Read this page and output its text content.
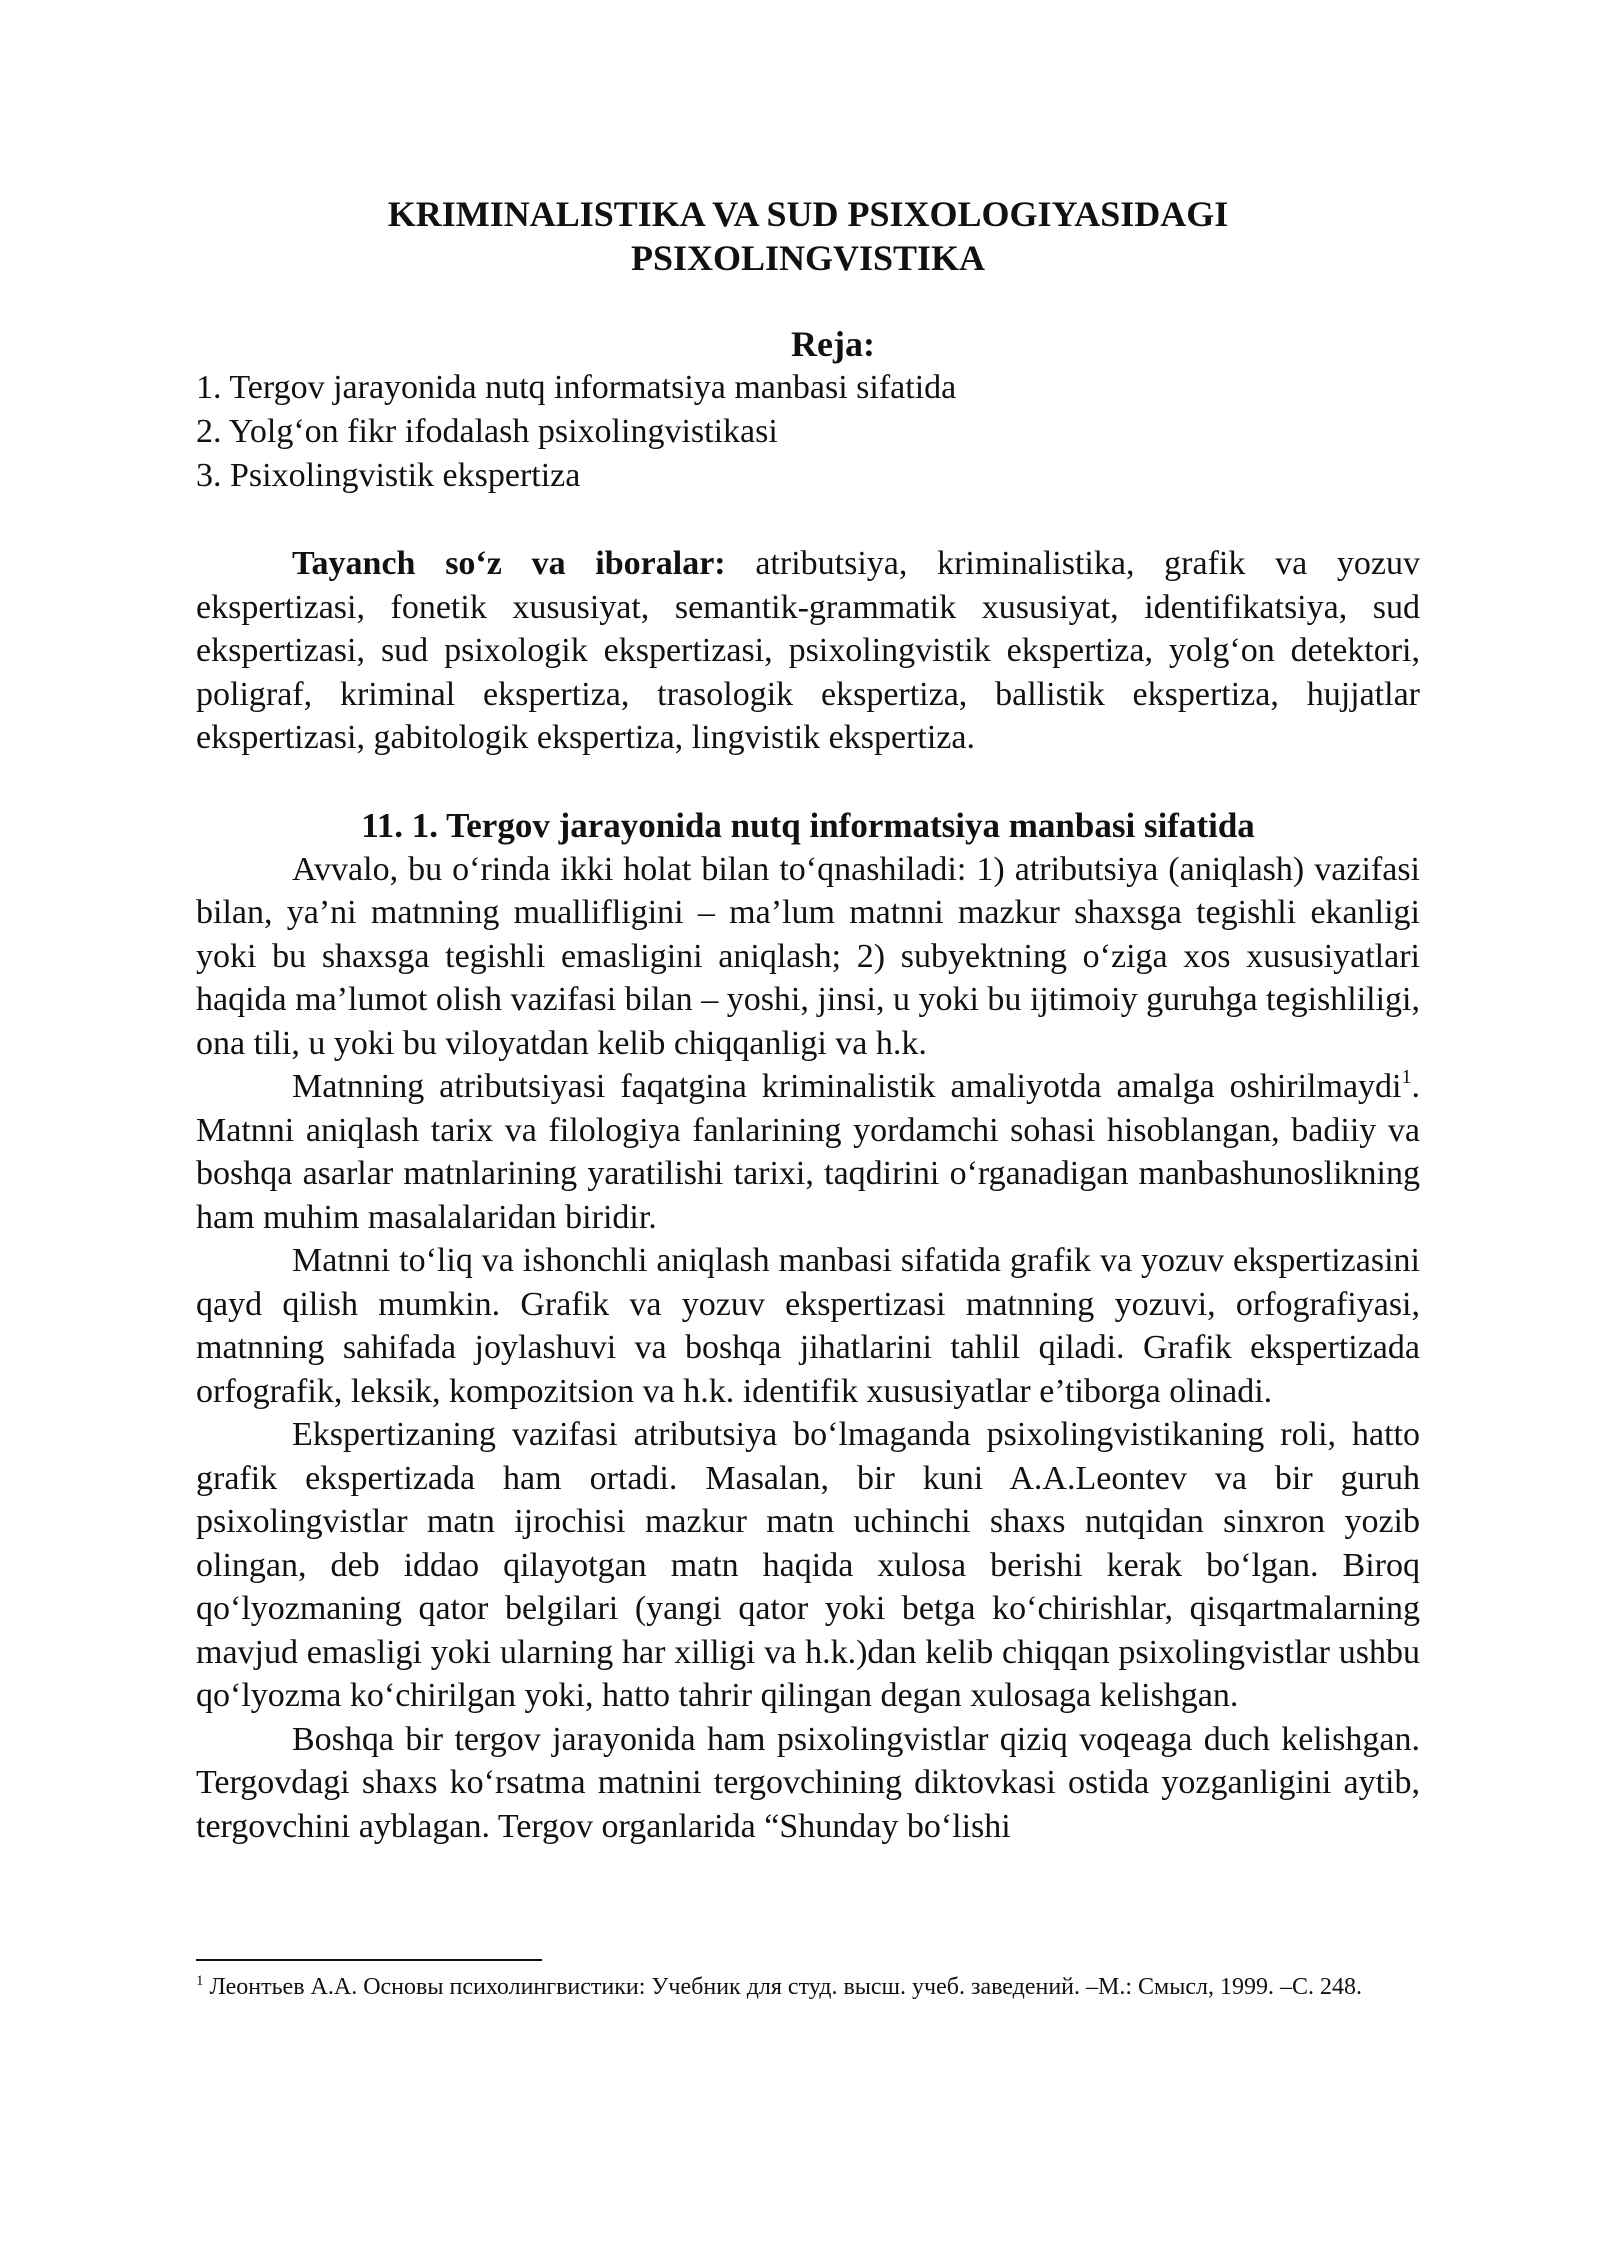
KRIMINALISTIKA VA SUD PSIXOLOGIYASIDAGI
PSIXOLINGVISTIKA
Reja:
1. Tergov jarayonida nutq informatsiya manbasi sifatida
2. Yolg‘on fikr ifodalash psixolingvistikasi
3. Psixolingvistik ekspertiza

Tayanch so‘z va iboralar: atributsiya, kriminalistika, grafik va yozuv ekspertizasi, fonetik xususiyat, semantik-grammatik xususiyat, identifikatsiya, sud ekspertizasi, sud psixologik ekspertizasi, psixolingvistik ekspertiza, yolg‘on detektori, poligraf, kriminal ekspertiza, trasologik ekspertiza, ballistik ekspertiza, hujjatlar ekspertizasi, gabitologik ekspertiza, lingvistik ekspertiza.

11. 1. Tergov jarayonida nutq informatsiya manbasi sifatida

Avvalo, bu o‘rinda ikki holat bilan to‘qnashiladi: 1) atributsiya (aniqlash) vazifasi bilan, ya’ni matnning muallifligini – ma’lum matnni mazkur shaxsga tegishli ekanligi yoki bu shaxsga tegishli emasligini aniqlash; 2) subyektning o‘ziga xos xususiyatlari haqida ma’lumot olish vazifasi bilan – yoshi, jinsi, u yoki bu ijtimoiy guruhga tegishliligi, ona tili, u yoki bu viloyatdan kelib chiqqanligi va h.k.

Matnning atributsiyasi faqatgina kriminalistik amaliyotda amalga oshirilmaydi$^1$. Matnni aniqlash tarix va filologiya fanlarining yordamchi sohasi hisoblangan, badiiy va boshqa asarlar matnlarining yaratilishi tarixi, taqdirini o‘rganadigan manbashunoslikning ham muhim masalalaridan biridir.

Matnni to‘liq va ishonchli aniqlash manbasi sifatida grafik va yozuv ekspertizasini qayd qilish mumkin. Grafik va yozuv ekspertizasi matnning yozuvi, orfografiyasi, matnning sahifada joylashuvi va boshqa jihatlarini tahlil qiladi. Grafik ekspertizada orfografik, leksik, kompozitsion va h.k. identifik xususiyatlar e’tiborga olinadi.

Ekspertizaning vazifasi atributsiya bo‘lmaganda psixolingvistikaning roli, hatto grafik ekspertizada ham ortadi. Masalan, bir kuni A.A.Leontev va bir guruh psixolingvistlar matn ijrochisi mazkur matn uchinchi shaxs nutqidan sinxron yozib olingan, deb iddao qilayotgan matn haqida xulosa berishi kerak bo‘lgan. Biroq qo‘lyozmaning qator belgilari (yangi qator yoki betga ko‘chirishlar, qisqartmalarning mavjud emasligi yoki ularning har xilligi va h.k.)dan kelib chiqqan psixolingvistlar ushbu qo‘lyozma ko‘chirilgan yoki, hatto tahrir qilingan degan xulosaga kelishgan.

Boshqa bir tergov jarayonida ham psixolingvistlar qiziq voqeaga duch kelishgan. Tergovdagi shaxs ko‘rsatma matnini tergovchining diktovkasi ostida yozganligini aytib, tergovchini ayblagan. Tergov organlarida “Shunday bo‘lishi

$^1$ Леонтьев А.А. Основы психолингвистики: Учебник для студ. высш. учеб. заведений. –М.: Смысл, 1999. –С. 248.
